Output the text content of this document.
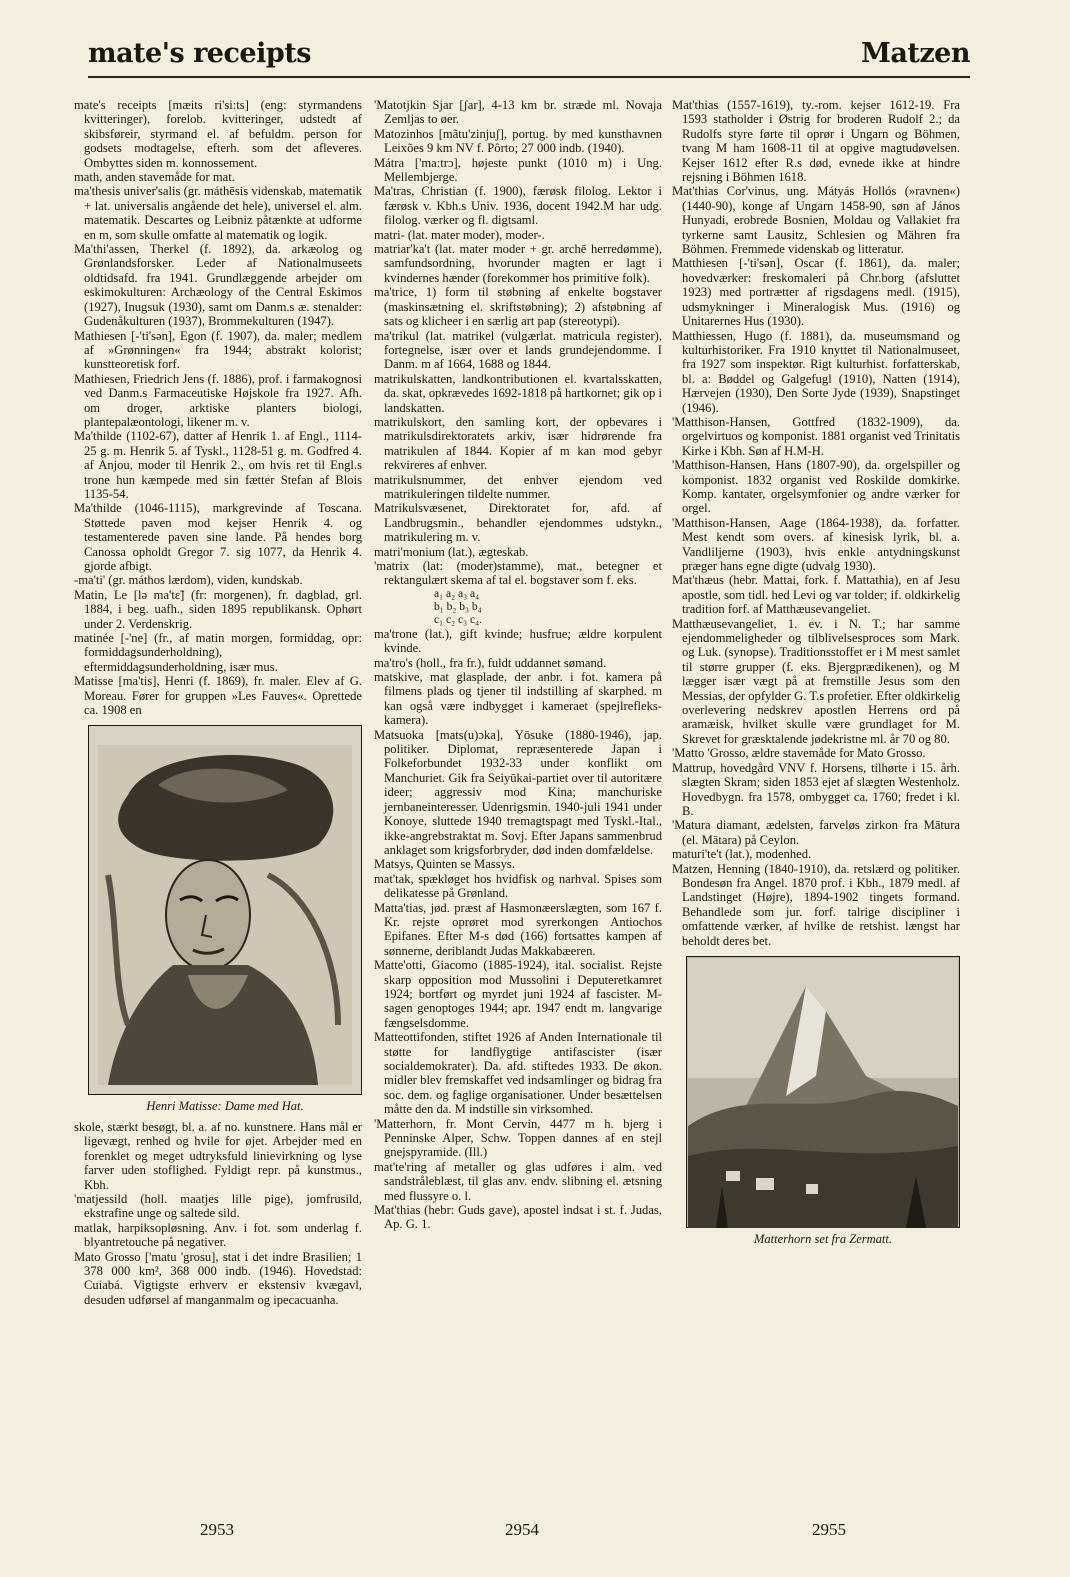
mate's receipts	Matzen
mate's receipts [mæits ri'si:ts] (eng: styrmandens kvitteringer), forelob. kvitteringer, udstedt af skibsføreir, styrmand el. af befuldm. person for godsets modtagelse, efterh. som det afleveres. Ombyttes siden m. konnossement.
math, anden stavemåde for mat.
ma'thesis univer'salis (gr. máthēsis videnskab, matematik + lat. universalis angående det hele), universel el. alm. matematik. Descartes og Leibniz påtænkte at udforme en m, som skulle omfatte al matematik og logik.
Ma'thi'assen, Therkel (f. 1892), da. arkæolog og Grønlandsforsker. Leder af Nationalmuseets oldtidsafd. fra 1941. Grundlæggende arbejder om eskimokulturen: Archæology of the Central Eskimos (1927), Inugsuk (1930), samt om Danm.s æ. stenalder: Gudenåkulturen (1937), Brommekulturen (1947).
Mathiesen [-'ti'sən], Egon (f. 1907), da. maler; medlem af »Grønningen« fra 1944; abstrakt kolorist; kunstteoretisk forf.
Mathiesen, Friedrich Jens (f. 1886), prof. i farmakognosi ved Danm.s Farmaceutiske Højskole fra 1927. Afh. om droger, arktiske planters biologi, plantepalæontologi, likener m. v.
Ma'thilde (1102-67), datter af Henrik 1. af Engl., 1114-25 g. m. Henrik 5. af Tyskl., 1128-51 g. m. Godfred 4. af Anjou, moder til Henrik 2., om hvis ret til Engl.s trone hun kæmpede med sin fætter Stefan af Blois 1135-54.
Ma'thilde (1046-1115), markgrevinde af Toscana. Støttede paven mod kejser Henrik 4. og testamenterede paven sine lande. På hendes borg Canossa opholdt Gregor 7. sig 1077, da Henrik 4. gjorde afbigt.
-ma'ti' (gr. máthos lærdom), viden, kundskab.
Matin, Le [lə ma'tɛ̃] (fr: morgenen), fr. dagblad, grl. 1884, i beg. uafh., siden 1895 republikansk. Ophørt under 2. Verdenskrig.
matinée [-'ne] (fr., af matin morgen, formiddag, opr: formiddagsunderholdning), eftermiddagsunderholdning, især mus.
Matisse [ma'tis], Henri (f. 1869), fr. maler. Elev af G. Moreau. Fører for gruppen »Les Fauves«. Oprettede ca. 1908 en
Henri Matisse: Dame med Hat.
skole, stærkt besøgt, bl. a. af no. kunstnere. Hans mål er ligevægt, renhed og hvile for øjet. Arbejder med en forenklet og meget udtryksfuld linievirkning og lyse farver uden stoflighed. Fyldigt repr. på kunstmus., Kbh.
'matjessild (holl. maatjes lille pige), jomfrusild, ekstrafine unge og saltede sild.
matlak, harpiksopløsning. Anv. i fot. som underlag f. blyantretouche på negativer.
Mato Grosso ['matu 'grosu], stat i det indre Brasilien; 1 378 000 km², 368 000 indb. (1946). Hovedstad: Cuiabá. Vigtigste erhverv er ekstensiv kvægavl, desuden udførsel af manganmalm og ipecacuanha.
'Matotjkin Sjar [ʃar], 4-13 km br. stræde ml. Novaja Zemljas to øer.
Matozinhos [mãtu'zinjuʃ], portug. by med kunsthavnen Leixões 9 km NV f. Pôrto; 27 000 indb. (1940).
Mátra ['ma:trɔ], højeste punkt (1010 m) i Ung. Mellembjerge.
Ma'tras, Christian (f. 1900), færøsk filolog. Lektor i færøsk v. Kbh.s Univ. 1936, docent 1942.M har udg. filolog. værker og fl. digtsaml.
matri- (lat. mater moder), moder-.
matriar'ka't (lat. mater moder + gr. archē herredømme), samfundsordning, hvorunder magten er lagt i kvindernes hænder (forekommer hos primitive folk).
ma'trice, 1) form til støbning af enkelte bogstaver (maskinsætning el. skriftstøbning); 2) afstøbning af sats og klicheer i en særlig art pap (stereotypi).
ma'trikul (lat. matrikel (vulgærlat. matricula register), fortegnelse, især over et lands grundejendomme. I Danm. m af 1664, 1688 og 1844.
matrikulskatten, landkontributionen el. kvartalsskatten, da. skat, opkrævedes 1692-1818 på hartkornet; gik op i landskatten.
matrikulskort, den samling kort, der opbevares i matrikulsdirektoratets arkiv, især hidrørende fra matrikulen af 1844. Kopier af m kan mod gebyr rekvireres af enhver.
matrikulsnummer, det enhver ejendom ved matrikuleringen tildelte nummer.
Matrikulsvæsenet, Direktoratet for, afd. af Landbrugsmin., behandler ejendommes udstykn., matrikulering m. v.
matri'monium (lat.), ægteskab.
'matrix (lat: (moder)stamme), mat., betegner et rektangulært skema af tal el. bogstaver som f. eks.
a₁ a₂ a₃ a₄
b₁ b₂ b₃ b₄
c₁ c₂ c₃ c₄.
ma'trone (lat.), gift kvinde; husfrue; ældre korpulent kvinde.
ma'tro's (holl., fra fr.), fuldt uddannet sømand.
matskive, mat glasplade, der anbr. i fot. kamera på filmens plads og tjener til indstilling af skarphed. m kan også være indbygget i kameraet (spejlrefleks-kamera).
Matsuoka [mats(u)ɔka], Yōsuke (1880-1946), jap. politiker. Diplomat, repræsenterede Japan i Folkeforbundet 1932-33 under konflikt om Manchuriet. Gik fra Seiyūkai-partiet over til autoritære ideer; aggressiv mod Kina; manchuriske jernbaneinteresser. Udenrigsmin. 1940-juli 1941 under Konoye, sluttede 1940 tremagtspagt med Tyskl.-Ital., ikke-angrebstraktat m. Sovj. Efter Japans sammenbrud anklaget som krigsforbryder, død inden domfældelse.
Matsys, Quinten se Massys.
mat'tak, spækløget hos hvidfisk og narhval. Spises som delikatesse på Grønland.
Matta'tias, jød. præst af Hasmonæerslægten, som 167 f. Kr. rejste oprøret mod syrerkongen Antiochos Epifanes. Efter M-s død (166) fortsattes kampen af sønnerne, deriblandt Judas Makkabæeren.
Matte'otti, Giacomo (1885-1924), ital. socialist. Rejste skarp opposition mod Mussolini i Deputeretkamret 1924; bortført og myrdet juni 1924 af fascister. M-sagen genoptoges 1944; apr. 1947 endt m. langvarige fængselsdomme.
Matteottifonden, stiftet 1926 af Anden Internationale til støtte for landflygtige antifascister (især socialdemokrater). Da. afd. stiftedes 1933. De økon. midler blev fremskaffet ved indsamlinger og bidrag fra soc. dem. og faglige organisationer. Under besættelsen måtte den da. M indstille sin virksomhed.
'Matterhorn, fr. Mont Cervin, 4477 m h. bjerg i Penninske Alper, Schw. Toppen dannes af en stejl gnejspyramide. (Ill.)
mat'te'ring af metaller og glas udføres i alm. ved sandstråleblæst, til glas anv. endv. slibning el. ætsning med flussyre o. l.
Mat'thias (hebr: Guds gave), apostel indsat i st. f. Judas, Ap. G. 1.
Mat'thias (1557-1619), ty.-rom. kejser 1612-19. Fra 1593 statholder i Østrig for broderen Rudolf 2.; da Rudolfs styre førte til oprør i Ungarn og Böhmen, tvang M ham 1608-11 til at opgive magtudøvelsen. Kejser 1612 efter R.s død, evnede ikke at hindre rejsning i Böhmen 1618.
Mat'thias Cor'vinus, ung. Mátyás Hollós (»ravnen«) (1440-90), konge af Ungarn 1458-90, søn af János Hunyadi, erobrede Bosnien, Moldau og Vallakiet fra tyrkerne samt Lausitz, Schlesien og Mähren fra Böhmen. Fremmede videnskab og litteratur.
Matthiesen [-'ti'sən], Oscar (f. 1861), da. maler; hovedværker: freskomaleri på Chr.borg (afsluttet 1923) med portrætter af rigsdagens medl. (1915), udsmykninger i Mineralogisk Mus. (1916) og Unitarernes Hus (1930).
Matthiessen, Hugo (f. 1881), da. museumsmand og kulturhistoriker. Fra 1910 knyttet til Nationalmuseet, fra 1927 som inspektør. Rigt kulturhist. forfatterskab, bl. a: Bøddel og Galgefugl (1910), Natten (1914), Hærvejen (1930), Den Sorte Jyde (1939), Snapstinget (1946).
'Matthison-Hansen, Gottfred (1832-1909), da. orgelvirtuos og komponist. 1881 organist ved Trinitatis Kirke i Kbh. Søn af H.M-H.
'Matthison-Hansen, Hans (1807-90), da. orgelspiller og komponist. 1832 organist ved Roskilde domkirke. Komp. kantater, orgelsymfonier og andre værker for orgel.
'Matthison-Hansen, Aage (1864-1938), da. forfatter. Mest kendt som overs. af kinesisk lyrik, bl. a. Vandliljerne (1903), hvis enkle antydningskunst præger hans egne digte (udvalg 1930).
Mat'thæus (hebr. Mattai, fork. f. Mattathia), en af Jesu apostle, som tidl. hed Levi og var tolder; if. oldkirkelig tradition forf. af Matthæusevangeliet.
Matthæusevangeliet, 1. ev. i N. T.; har samme ejendommeligheder og tilblivelsesproces som Mark. og Luk. (synopse). Traditionsstoffet er i M mest samlet til større grupper (f. eks. Bjergprædikenen), og M lægger især vægt på at fremstille Jesus som den Messias, der opfylder G. T.s profetier. Efter oldkirkelig overlevering nedskrev apostlen Herrens ord på aramæisk, hvilket skulle være grundlaget for M. Skrevet for græsktalende jødekristne ml. år 70 og 80.
'Matto 'Grosso, ældre stavemåde for Mato Grosso.
Mattrup, hovedgård VNV f. Horsens, tilhørte i 15. årh. slægten Skram; siden 1853 ejet af slægten Westenholz. Hovedbygn. fra 1578, ombygget ca. 1760; fredet i kl. B.
'Matura diamant, ædelsten, farveløs zirkon fra Mātura (el. Mātara) på Ceylon.
maturi'te't (lat.), modenhed.
Matzen, Henning (1840-1910), da. retslærd og politiker. Bondesøn fra Angel. 1870 prof. i Kbh., 1879 medl. af Landstinget (Højre), 1894-1902 tingets formand. Behandlede som jur. forf. talrige discipliner i omfattende værker, af hvilke de retshist. længst har beholdt deres bet.
Matterhorn set fra Zermatt.
2953	2954	2955
